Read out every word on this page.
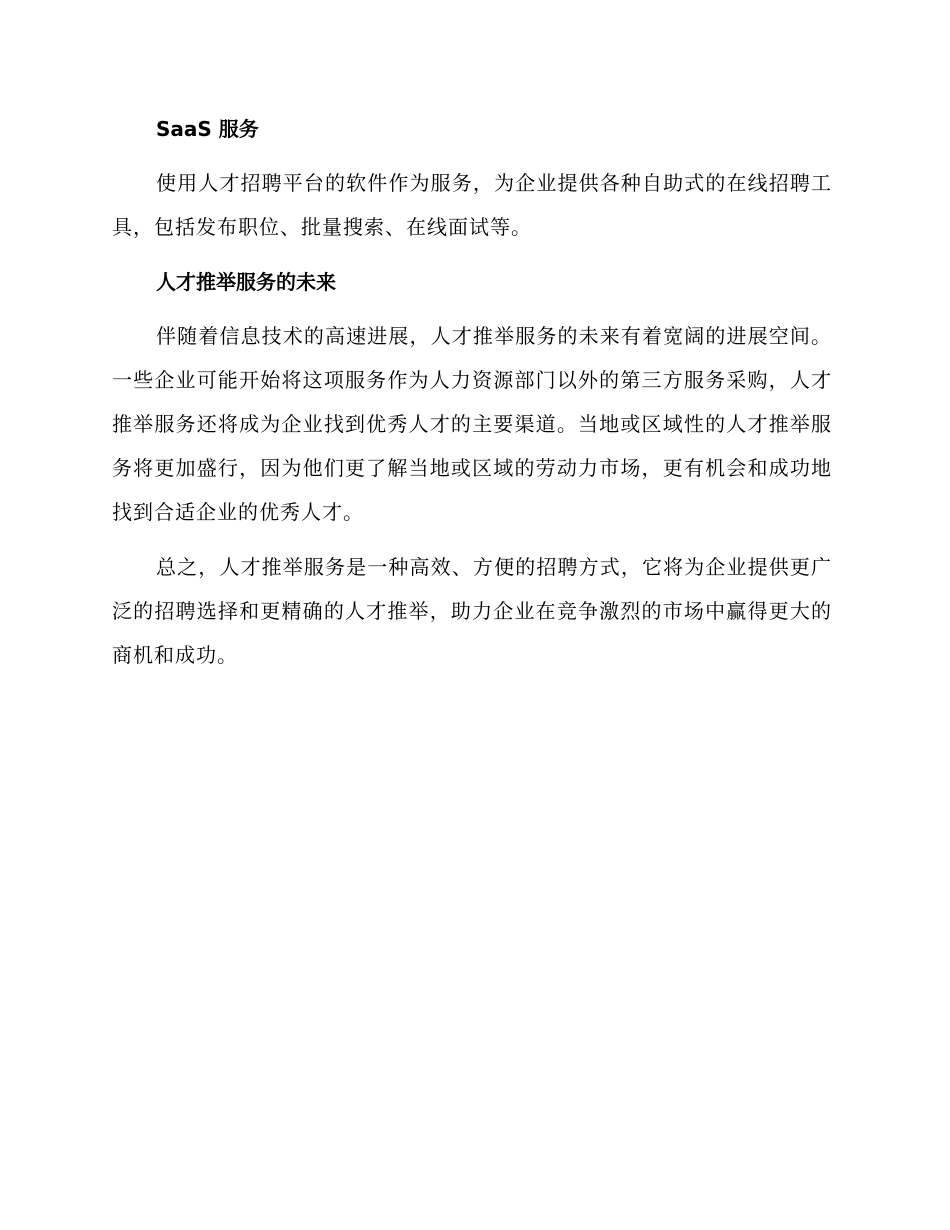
SaaS 服务

使用人才招聘平台的软件作为服务，为企业提供各种自助式的在线招聘工具，包括发布职位、批量搜索、在线面试等。

人才推举服务的未来

伴随着信息技术的高速进展，人才推举服务的未来有着宽阔的进展空间。一些企业可能开始将这项服务作为人力资源部门以外的第三方服务采购，人才推举服务还将成为企业找到优秀人才的主要渠道。当地或区域性的人才推举服务将更加盛行，因为他们更了解当地或区域的劳动力市场，更有机会和成功地找到合适企业的优秀人才。

总之，人才推举服务是一种高效、方便的招聘方式，它将为企业提供更广泛的招聘选择和更精确的人才推举，助力企业在竞争激烈的市场中赢得更大的商机和成功。
